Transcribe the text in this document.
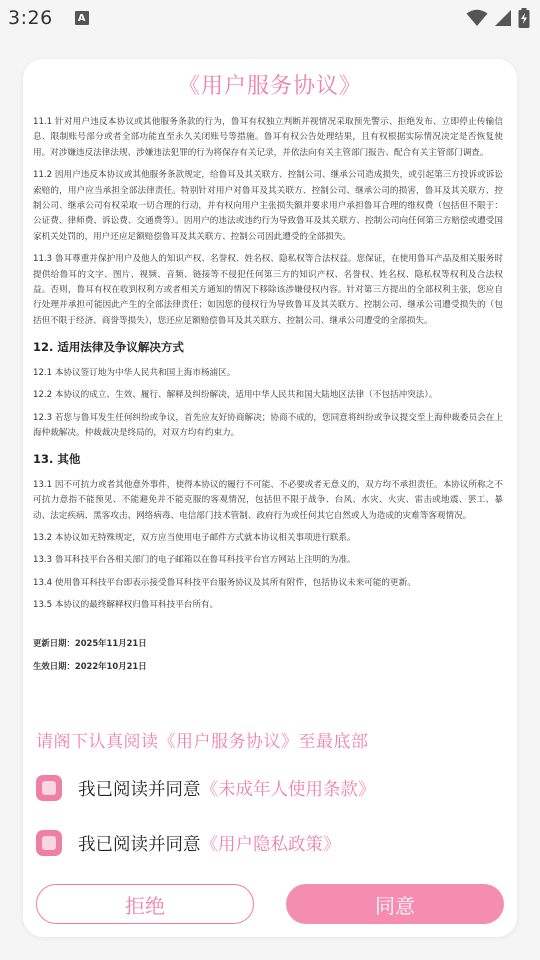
3:26	A
《用户服务协议》

11.1 针对用户违反本协议或其他服务条款的行为，鲁耳有权独立判断并视情况采取预先警示、拒绝发布、立即停止传输信息、限制账号部分或者全部功能直至永久关闭账号等措施。鲁耳有权公告处理结果，且有权根据实际情况决定是否恢复使用。对涉嫌违反法律法规、涉嫌违法犯罪的行为将保存有关记录，并依法向有关主管部门报告、配合有关主管部门调查。

11.2 因用户违反本协议或其他服务条款规定，给鲁耳及其关联方、控制公司、继承公司造成损失，或引起第三方投诉或诉讼索赔的，用户应当承担全部法律责任。特别针对用户对鲁耳及其关联方、控制公司、继承公司的损害，鲁耳及其关联方、控制公司、继承公司有权采取一切合理的行动，并有权向用户主张损失额并要求用户承担鲁耳合理的维权费（包括但不限于：公证费、律师费、诉讼费、交通费等）。因用户的违法或违约行为导致鲁耳及其关联方、控制公司向任何第三方赔偿或遭受国家机关处罚的，用户还应足额赔偿鲁耳及其关联方、控制公司因此遭受的全部损失。

11.3 鲁耳尊重并保护用户及他人的知识产权、名誉权、姓名权、隐私权等合法权益。您保证，在使用鲁耳产品及相关服务时提供给鲁耳的文字、图片、视频、音频、链接等不侵犯任何第三方的知识产权、名誉权、姓名权、隐私权等权利及合法权益。否则，鲁耳有权在收到权利方或者相关方通知的情况下移除该涉嫌侵权内容。针对第三方提出的全部权利主张，您应自行处理并承担可能因此产生的全部法律责任；如因您的侵权行为导致鲁耳及其关联方、控制公司、继承公司遭受损失的（包括但不限于经济、商誉等损失），您还应足额赔偿鲁耳及其关联方、控制公司、继承公司遭受的全部损失。

12. 适用法律及争议解决方式

12.1 本协议签订地为中华人民共和国上海市杨浦区。

12.2 本协议的成立、生效、履行、解释及纠纷解决，适用中华人民共和国大陆地区法律（不包括冲突法）。

12.3 若您与鲁耳发生任何纠纷或争议，首先应友好协商解决；协商不成的，您同意将纠纷或争议提交至上海仲裁委员会在上海仲裁解决。仲裁裁决是终局的，对双方均有约束力。

13. 其他

13.1 因不可抗力或者其他意外事件，使得本协议的履行不可能、不必要或者无意义的，双方均不承担责任。本协议所称之不可抗力意指不能预见、不能避免并不能克服的客观情况，包括但不限于战争、台风、水灾、火灾、雷击或地震、罢工、暴动、法定疾病、黑客攻击、网络病毒、电信部门技术管制、政府行为或任何其它自然或人为造成的灾难等客观情况。

13.2 本协议如无特殊规定，双方应当使用电子邮件方式就本协议相关事项进行联系。

13.3 鲁耳科技平台各相关部门的电子邮箱以在鲁耳科技平台官方网站上注明的为准。

13.4 使用鲁耳科技平台即表示接受鲁耳科技平台服务协议及其所有附件，包括协议未来可能的更新。

13.5 本协议的最终解释权归鲁耳科技平台所有。

更新日期：2025年11月21日

生效日期：2022年10月21日

请阁下认真阅读《用户服务协议》至最底部
我已阅读并同意《未成年人使用条款》
我已阅读并同意《用户隐私政策》
拒绝	同意
